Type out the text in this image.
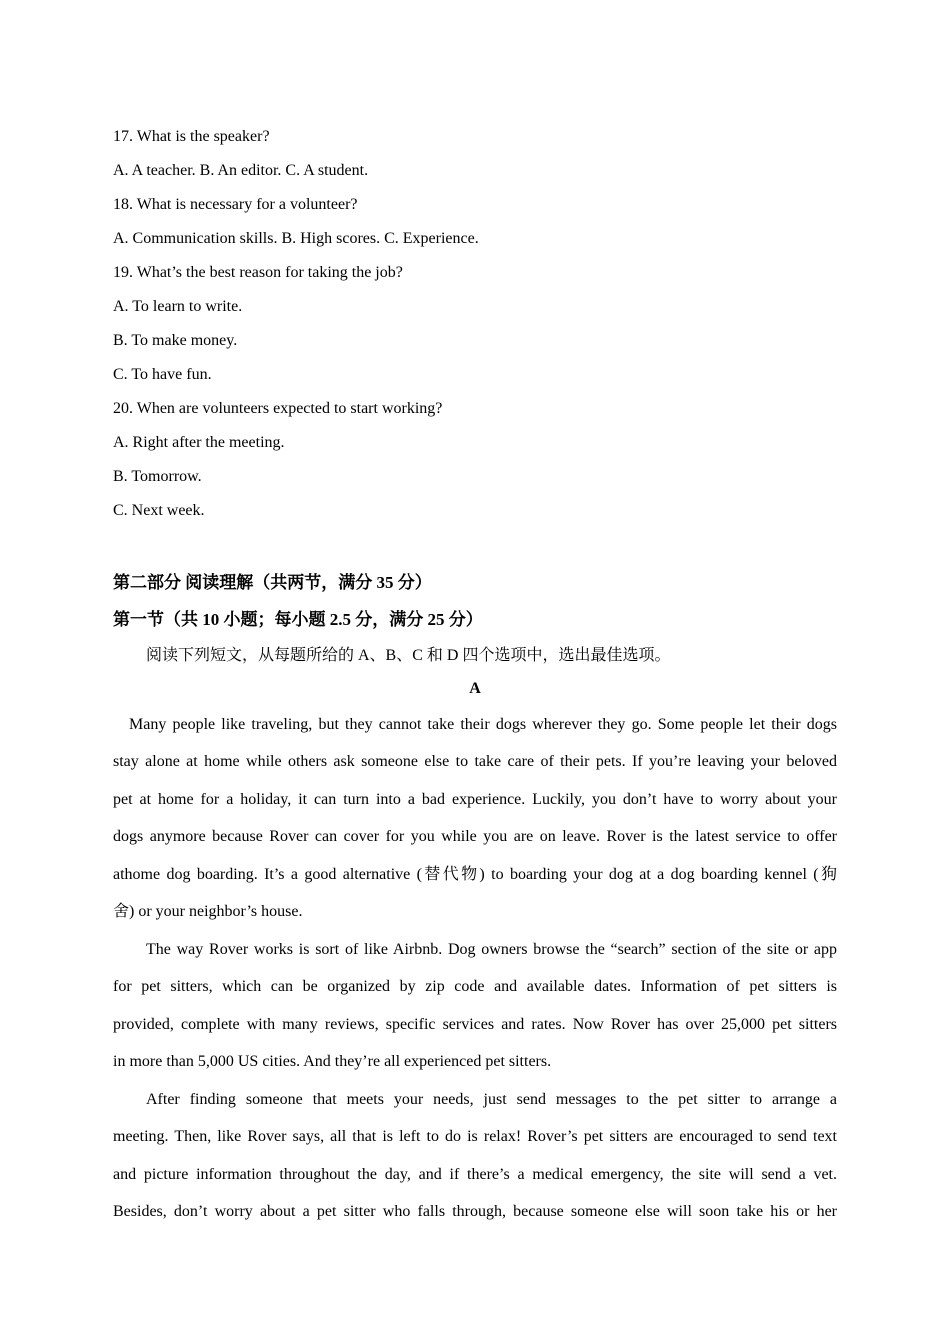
17. What is the speaker?
A. A teacher. B. An editor. C. A student.
18. What is necessary for a volunteer?
A. Communication skills. B. High scores. C. Experience.
19. What’s the best reason for taking the job?
A. To learn to write.
B. To make money.
C. To have fun.
20. When are volunteers expected to start working?
A. Right after the meeting.
B. Tomorrow.
C. Next week.
第二部分 阅读理解（共两节，满分 35 分）
第一节（共 10 小题；每小题 2.5 分，满分 25 分）

阅读下列短文，从每题所给的 A、B、C 和 D 四个选项中，选出最佳选项。

A
Many people like traveling, but they cannot take their dogs wherever they go. Some people let their dogs
stay alone at home while others ask someone else to take care of their pets. If you’re leaving your beloved
pet at home for a holiday, it can turn into a bad experience. Luckily, you don’t have to worry about your
dogs anymore because Rover can cover for you while you are on leave. Rover is the latest service to offer
athome dog boarding. It’s a good alternative (替代物) to boarding your dog at a dog boarding kennel (狗
舍) or your neighbor’s house.
The way Rover works is sort of like Airbnb. Dog owners browse the “search” section of the site or app
for pet sitters, which can be organized by zip code and available dates. Information of pet sitters is
provided, complete with many reviews, specific services and rates. Now Rover has over 25,000 pet sitters
in more than 5,000 US cities. And they’re all experienced pet sitters.
After finding someone that meets your needs, just send messages to the pet sitter to arrange a
meeting. Then, like Rover says, all that is left to do is relax! Rover’s pet sitters are encouraged to send text
and picture information throughout the day, and if there’s a medical emergency, the site will send a vet.
Besides, don’t worry about a pet sitter who falls through, because someone else will soon take his or her
